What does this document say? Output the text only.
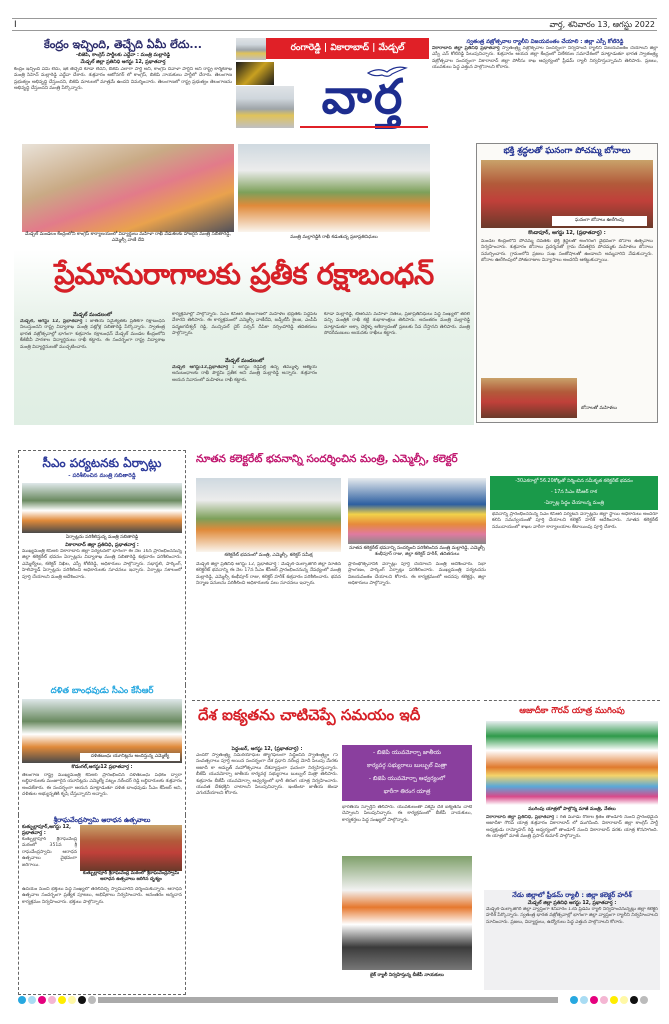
I	వార్త, శనివారం 13, ఆగస్టు 2022
కేంద్రం ఇచ్చింది, తెచ్చేది ఏమీ లేదు...
-బిజెపి, కాంగ్రెస్ పార్టీలకు ఎద్దేవా : మంత్రి మల్లారెడ్డి
మేడ్చల్ జిల్లా ప్రతినిధి ఆగస్టు 12, ప్రభాతవార్త
కేంద్రం ఇచ్చింది ఏమీ లేదు, ఇక తెచ్చేది కూడా లేదని, బిజెపి ఎలాగా పార్టీ అని, కాంగ్రెస్ దివాళా పార్టీని అని రాష్ట్ర కార్మికశాఖ మంత్రి సిహెచ్ మల్లారెడ్డి ఎద్దేవా చేశారు. శుక్రవారం ఆటోనగర్ లో కాంగ్రెస్, బిజెపి నాయకులు పార్టీలో చేరారు. తెలంగాణ ప్రభుత్వం అభివృద్ధి చేస్తుందని, బిజెపి మాటలలో మాత్రమే ఉందని విమర్శించారు. తెలంగాణలో రాష్ట్ర ప్రభుత్వం తెలంగాణను అభివృద్ధి చేస్తుందని మంత్రి పేర్కొన్నారు.
రంగారెడ్డి | వికారాబాద్ | మేడ్చల్
వార్త
స్వతంత్ర వజ్రోత్సవాల ర్యాలీని విజయవంతం చేయాలి : జిల్లా ఎస్పీ కోటిరెడ్డి
వికారాబాద్ జిల్లా ప్రతినిధి ప్రభాతవార్త స్వాతంత్ర్య వజ్రోత్సవాల సందర్భంగా నిర్వహించే ర్యాలీని విజయవంతం చేయాలని జిల్లా ఎస్పీ ఎన్ కోటిరెడ్డి పిలుపునిచ్చారు. శుక్రవారం ఆయన జిల్లా కేంద్రంలో విలేకరుల సమావేశంలో మాట్లాడుతూ భారత స్వాతంత్ర్య వజ్రోత్సవాల సందర్భంగా వికారాబాద్ జిల్లా పోలీసు శాఖ ఆధ్వర్యంలో ఫ్రీడమ్ ర్యాలీ నిర్వహిస్తున్నామని తెలిపారు. ప్రజలు, యువకులు పెద్ద ఎత్తున పాల్గొనాలని కోరారు.
మేడ్చల్ మండలం కేంద్రంలోని కాంగ్రెస్ కార్యాలయంలో విద్యార్థులు మహిళా రాఖీ వేడుకలకు హాజరైన మంత్రి సబితారెడ్డి, ఎమ్మెల్సీ వాణీ దేవి
మంత్రి మల్లారెడ్డికి రాఖీ కడుతున్న ప్రజాప్రతినిధులు
భక్తి శ్రద్ధలతో ఘనంగా పోచమ్మ బోనాలు
ఘనంగా బోనాలు ఊరేగింపు
కొండాపూర్, ఆగస్టు 12, (ప్రభాతవార్త) :
మండల కేంద్రంలోని పోచమ్మ దేవతకు భక్తి శ్రద్ధలతో అంగరంగ వైభవంగా బోనాల ఉత్సవాలు నిర్వహించారు. శుక్రవారం బోనాలు ప్రదర్శనతో గ్రామ దేవతలైన పోచమ్మకు మహిళలు బోనాలు సమర్పించారు. గ్రామంలోని ప్రజలు సుఖ సంతోషాలతో ఉండాలని అమ్మవారిని వేడుకున్నారు. బోనాల ఊరేగింపులో పోతురాజుల విన్యాసాలు అందరినీ ఆకట్టుకున్నాయి.
బోనాలతో మహిళలు
ప్రేమానురాగాలకు ప్రతీక రక్షాబంధన్
మేడ్చల్ మండలంలో
మేడ్చల్, ఆగస్టు 12, ప్రభాతవార్త : జాతీయ సమైక్యతకు ప్రతీకగా రక్షాబంధన్ నిలుస్తుందని రాష్ట్ర విద్యాశాఖ మంత్రి పట్లోళ్ల సబితారెడ్డి పేర్కొన్నారు. స్వాతంత్ర భారత వజ్రోత్సవాల్లో భాగంగా శుక్రవారం రక్షాబంధన్ మేడ్చల్ మండల కేంద్రంలోని కేజీబీవీ పాఠశాల విద్యార్థినులు రాఖీ కట్టారు. ఈ సందర్భంగా రాష్ట్ర విద్యాశాఖ మంత్రి విద్యార్థినులతో ముచ్చటించారు.
కార్యక్రమాల్లో పాల్గొన్నారు. సీఎం కేసీఆర్ తెలంగాణలో మహిళల భద్రతకు పెద్దపీట వేశారని తెలిపారు. ఈ కార్యక్రమంలో ఎమ్మెల్సీ వాణీదేవి, జడ్పీటీసీ శైలజ, ఎంపీపీ పద్మజగదీశ్వర్ రెడ్డి, మున్సిపల్ చైర్ పర్సన్ దీపికా నర్సింహారెడ్డి తదితరులు పాల్గొన్నారు.
మేడ్చల్ మండలంలో
మేడ్చల్ ఆగస్టు12,ప్రభాతవార్త : ఆగస్టు రెడ్డిపల్లి ఉన్న తమ్ముళ్ళ ఆత్మీయ అనుబంధాలకు రాఖీ పౌర్ణమి ప్రతీక అని మంత్రి మల్లారెడ్డి అన్నారు. శుక్రవారం ఆయన నివాసంలో మహిళలు రాఖీ కట్టారు.
కూడా మల్లారెడ్డి, టీఆర్ఎస్ మహిళా నేతలు, ప్రజాప్రతినిధులు పెద్ద సంఖ్యలో తరలి వచ్చి మంత్రికి రాఖీ కట్టి శుభాకాంక్షలు తెలిపారు. అనంతరం మంత్రి మల్లారెడ్డి మాట్లాడుతూ అక్కా చెల్లెళ్ళ ఆశీర్వాదంతో ప్రజలకు సేవ చేస్తానని తెలిపారు. మంత్రి సోదరీమణులు ఆయనకు రాఖీలు కట్టారు.
సీఎం పర్యటనకు ఏర్పాట్లు
- పరిశీలించిన మంత్రి సబితారెడ్డి
ఏర్పాట్లను పరిశీలిస్తున్న మంత్రి సబితారెడ్డి
వికారాబాద్ జిల్లా ప్రతినిధి, ప్రభాతవార్త :
ముఖ్యమంత్రి కేసీఆర్ వికారాబాద్ జిల్లా పర్యటనలో భాగంగా ఈ నెల 16న ప్రారంభించనున్న జిల్లా కలెక్టరేట్ భవనం ఏర్పాట్లను విద్యాశాఖ మంత్రి సబితారెడ్డి శుక్రవారం పరిశీలించారు. ఎమ్మెల్యేలు, కలెక్టర్ నిఖిల, ఎస్పీ కోటిరెడ్డి, అధికారులు పాల్గొన్నారు. సభాస్థలి, పార్కింగ్, హెలిప్యాడ్ ఏర్పాట్లను పరిశీలించి అధికారులకు సూచనలు ఇచ్చారు. ఏర్పాట్లు సకాలంలో పూర్తి చేయాలని మంత్రి ఆదేశించారు.
దళిత బాంధవుడు సీఎం కేసీఆర్
దళితబంధు యూనిట్లను అందిస్తున్న ఎమ్మెల్యే
కొడంగల్,ఆగస్టు12 ప్రభాతవార్త :
తెలంగాణ రాష్ట్ర ముఖ్యమంత్రి కేసీఆర్ ప్రారంభించిన దళితబంధు పథకం ద్వారా లబ్ధిదారులకు మంజూరైన యూనిట్లను ఎమ్మెల్యే పట్నం నరేందర్ రెడ్డి లబ్ధిదారులకు శుక్రవారం అందజేశారు. ఈ సందర్భంగా ఆయన మాట్లాడుతూ దళిత బాంధవుడు సీఎం కేసీఆర్ అని, దళితుల అభ్యున్నతికి కృషి చేస్తున్నారని అన్నారు.
శ్రీరాఘవేంద్రస్వామి ఆరాధన ఉత్సవాలు
కుత్బుల్లాపూర్,ఆగస్టు 12, ప్రభాతవార్త :
కుత్బుల్లాపూర్ శ్రీరాఘవేంద్ర మఠంలో 351వ శ్రీ రాఘవేంద్రస్వామి ఆరాధన ఉత్సవాలు వైభవంగా జరిగాయి.
కుత్బుల్లాపూర్ శ్రీరాఘవేంద్ర మఠంలో శ్రీరాఘవేంద్రస్వామి ఆరాధన ఉత్సవాలు జరిగిన దృశ్యం
ఉదయం నుంచి భక్తులు పెద్ద సంఖ్యలో తరలివచ్చి స్వామివారిని దర్శించుకున్నారు. ఆరాధన ఉత్సవాల సందర్భంగా ప్రత్యేక పూజలు, అభిషేకాలు నిర్వహించారు. అనంతరం అన్నదాన కార్యక్రమం నిర్వహించారు. భక్తులు పాల్గొన్నారు.
నూతన కలెక్టరేట్ భవనాన్ని సందర్శించిన మంత్రి, ఎమ్మెల్సీ, కలెక్టర్
కలెక్టరేట్ భవనంలో మంత్రి, ఎమ్మెల్సీ, కలెక్టర్ సమీక్ష
నూతన కలెక్టరేట్ భవనాన్ని సందర్శించి పరిశీలించిన మంత్రి మల్లారెడ్డి, ఎమ్మెల్సీ శంభీపూర్ రాజు, జిల్లా కలెక్టర్ హరీశ్, తదితరులు
-30ఎకరాల్లో 56.20కోట్లతో నిర్మించిన సమీకృత కలెక్టరేట్ భవనం
- 17న సీఎం కేసీఆర్ రాక
-ఏర్పాట్ల సిద్ధం చేయాలన్న మంత్రి
మేడ్చల్ జిల్లా ప్రతినిధి ఆగస్టు 12, ప్రభాతవార్త : మేడ్చల్-మల్కాజిగిరి జిల్లా నూతన కలెక్టరేట్ భవనాన్ని ఈ నెల 17న సీఎం కేసీఆర్ ప్రారంభించనున్న నేపథ్యంలో మంత్రి మల్లారెడ్డి, ఎమ్మెల్సీ శంభీపూర్ రాజు, కలెక్టర్ హరీశ్ శుక్రవారం పరిశీలించారు. భవన నిర్మాణ పనులను పరిశీలించి అధికారులకు పలు సూచనలు ఇచ్చారు.
ప్రారంభోత్సవానికి ఏర్పాట్లు పూర్తి చేయాలని మంత్రి ఆదేశించారు. సభా ప్రాంగణం, పార్కింగ్ ఏర్పాట్లు పరిశీలించారు. ముఖ్యమంత్రి పర్యటనను విజయవంతం చేయాలని కోరారు. ఈ కార్యక్రమంలో అదనపు కలెక్టర్లు, జిల్లా అధికారులు పాల్గొన్నారు.
భవనాన్ని ప్రారంభించనున్న సీఎం కేసీఆర్ పర్యటన ఏర్పాట్లను జిల్లా స్థాయి అధికారులు అందరూ కలిసి సమన్వయంతో పూర్తి చేయాలని కలెక్టర్ హరీశ్ ఆదేశించారు. నూతన కలెక్టరేట్ సముదాయంలో శాఖల వారీగా కార్యాలయాల కేటాయింపు పూర్తి చేశారు.
దేశ ఐక్యతను చాటిచెప్పే సమయం ఇదీ
పెద్దంబర్, ఆగస్టు 12, (ప్రభాతవార్త) :
ఎందరో స్వాతంత్ర్య సమరయోధుల త్యాగఫలంగా సిద్ధించిన స్వాతంత్ర్యం 75 సంవత్సరాలు పూర్తి అయిన సందర్భంగా దేశ ప్రధాని నరేంద్ర మోదీ పిలుపు మేరకు ఆజాదీ కా అమృత్ మహోత్సవాలు దేశవ్యాప్తంగా ఘనంగా నిర్వహిస్తున్నారు. బీజేపీ యువమోర్చా జాతీయ కార్యవర్గ సభ్యురాలు బుల్బుల్ మిత్రా తెలిపారు. శుక్రవారం బీజేపీ యువమోర్చా ఆధ్వర్యంలో భారీ తిరంగ యాత్ర నిర్వహించారు. యువత దేశభక్తిని చాటాలని పిలుపునిచ్చారు. ఇంటింటా జాతీయ జెండా ఎగురవేయాలని కోరారు.
- బిజెపి యువమోర్చా జాతీయ
కార్యవర్గ సభ్యురాలు బుల్బుల్ మిత్రా
- బిజెపి యువమోర్చా ఆధ్వర్యంలో
భారీగా తిరంగ యాత్ర
భారతీయ స్ఫూర్తిని తెలిపారు. యువకులంతా ఏకమై దేశ ఐక్యతను చాటి చెప్పాలని పిలుపునిచ్చారు. ఈ కార్యక్రమంలో బీజేపీ నాయకులు, కార్యకర్తలు పెద్ద సంఖ్యలో పాల్గొన్నారు.
బైక్ ర్యాలీ నిర్వహిస్తున్న బీజేపీ నాయకులు
ఆజాదీకా గౌరవ్ యాత్ర ముగింపు
ముగింపు యాత్రలో పాల్గొన్న మాజీ మంత్రి, నేతలు
వికారాబాద్ జిల్లా ప్రతినిధి, ప్రభాతవార్త : గత మూడు రోజుల క్రితం తాండూర్ నుంచి ప్రారంభమైన ఆజాదీకా గౌరవ్ యాత్ర శుక్రవారం వికారాబాద్ లో ముగిసింది. వికారాబాద్ జిల్లా కాంగ్రెస్ పార్టీ అధ్యక్షుడు రామ్మోహన్ రెడ్డి ఆధ్వర్యంలో తాండూర్ నుంచి వికారాబాద్ వరకు యాత్ర కొనసాగింది. ఈ యాత్రలో మాజీ మంత్రి ప్రసాద్ కుమార్ పాల్గొన్నారు.
నేడు జిల్లాలో ఫ్రీడమ్ ర్యాలీ : జిల్లా కలెక్టర్ హరీశ్
మేడ్చల్ జిల్లా ప్రతినిధి ఆగస్టు 12, ప్రభాతవార్త :
మేడ్చల్-మల్కాజిగిరి జిల్లా వ్యాప్తంగా శనివారం 13న ఫ్రీడమ్ ర్యాలీ నిర్వహించనున్నట్లు జిల్లా కలెక్టర్ హరీశ్ పేర్కొన్నారు. స్వతంత్ర భారత వజ్రోత్సవాల్లో భాగంగా జిల్లా వ్యాప్తంగా ర్యాలీని నిర్వహించాలని సూచించారు. ప్రజలు, విద్యార్థులు, ఉద్యోగులు పెద్ద ఎత్తున పాల్గొనాలని కోరారు.
